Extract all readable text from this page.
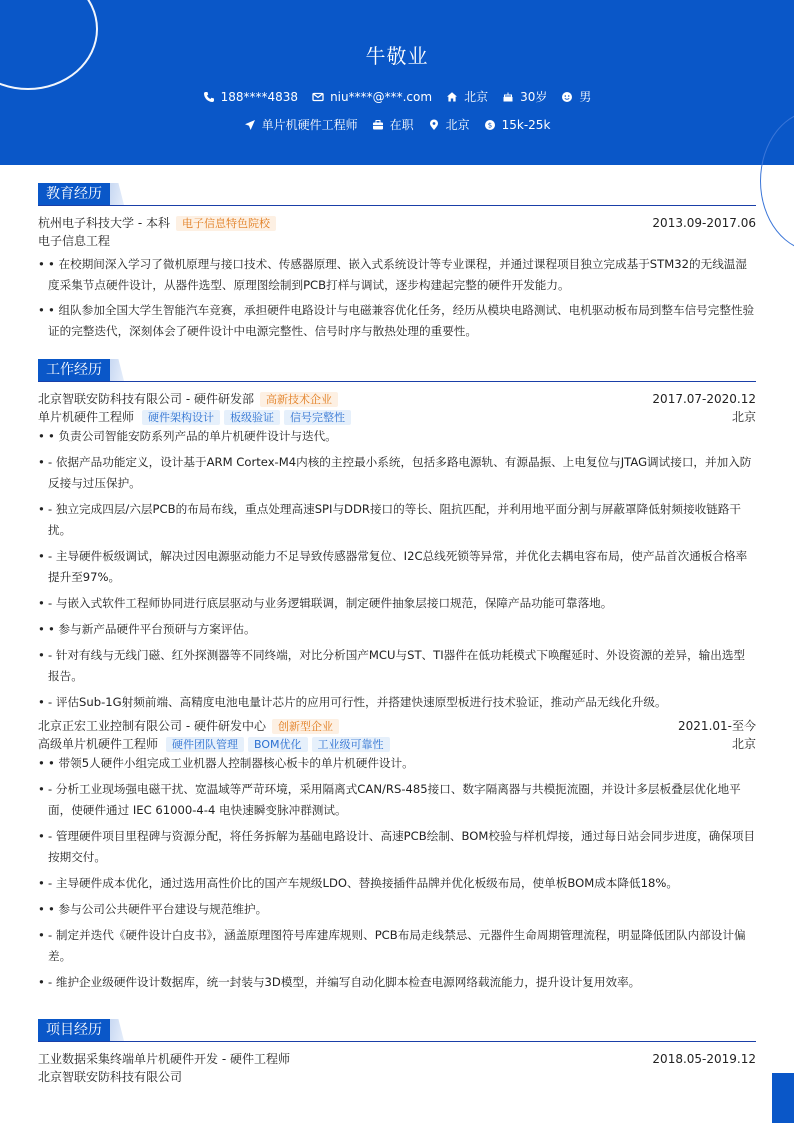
牛敬业
188****4838	niu****@***.com	北京	30岁	男
单片机硬件工程师	在职	北京	$ 15k-25k
教育经历
杭州电子科技大学 - 本科	电子信息特色院校	2013.09-2017.06
电子信息工程
• • 在校期间深入学习了微机原理与接口技术、传感器原理、嵌入式系统设计等专业课程，并通过课程项目独立完成基于STM32的无线温湿度采集节点硬件设计，从器件选型、原理图绘制到PCB打样与调试，逐步构建起完整的硬件开发能力。
• • 组队参加全国大学生智能汽车竞赛，承担硬件电路设计与电磁兼容优化任务，经历从模块电路测试、电机驱动板布局到整车信号完整性验证的完整迭代，深刻体会了硬件设计中电源完整性、信号时序与散热处理的重要性。
工作经历
北京智联安防科技有限公司 - 硬件研发部	高新技术企业	2017.07-2020.12
单片机硬件工程师	硬件架构设计	板级验证	信号完整性	北京
• • 负责公司智能安防系列产品的单片机硬件设计与迭代。
• - 依据产品功能定义，设计基于ARM Cortex-M4内核的主控最小系统，包括多路电源轨、有源晶振、上电复位与JTAG调试接口，并加入防反接与过压保护。
• - 独立完成四层/六层PCB的布局布线，重点处理高速SPI与DDR接口的等长、阻抗匹配，并利用地平面分割与屏蔽罩降低射频接收链路干扰。
• - 主导硬件板级调试，解决过因电源驱动能力不足导致传感器常复位、I2C总线死锁等异常，并优化去耦电容布局，使产品首次通板合格率提升至97%。
• - 与嵌入式软件工程师协同进行底层驱动与业务逻辑联调，制定硬件抽象层接口规范，保障产品功能可靠落地。
• • 参与新产品硬件平台预研与方案评估。
• - 针对有线与无线门磁、红外探测器等不同终端，对比分析国产MCU与ST、TI器件在低功耗模式下唤醒延时、外设资源的差异，输出选型报告。
• - 评估Sub-1G射频前端、高精度电池电量计芯片的应用可行性，并搭建快速原型板进行技术验证，推动产品无线化升级。
北京正宏工业控制有限公司 - 硬件研发中心	创新型企业	2021.01-至今
高级单片机硬件工程师	硬件团队管理	BOM优化	工业级可靠性	北京
• • 带领5人硬件小组完成工业机器人控制器核心板卡的单片机硬件设计。
• - 分析工业现场强电磁干扰、宽温域等严苛环境，采用隔离式CAN/RS-485接口、数字隔离器与共模扼流圈，并设计多层板叠层优化地平面，使硬件通过 IEC 61000-4-4 电快速瞬变脉冲群测试。
• - 管理硬件项目里程碑与资源分配，将任务拆解为基础电路设计、高速PCB绘制、BOM校验与样机焊接，通过每日站会同步进度，确保项目按期交付。
• - 主导硬件成本优化，通过选用高性价比的国产车规级LDO、替换接插件品牌并优化板级布局，使单板BOM成本降低18%。
• • 参与公司公共硬件平台建设与规范维护。
• - 制定并迭代《硬件设计白皮书》，涵盖原理图符号库建库规则、PCB布局走线禁忌、元器件生命周期管理流程，明显降低团队内部设计偏差。
• - 维护企业级硬件设计数据库，统一封装与3D模型，并编写自动化脚本检查电源网络载流能力，提升设计复用效率。
项目经历
工业数据采集终端单片机硬件开发 - 硬件工程师	2018.05-2019.12
北京智联安防科技有限公司
